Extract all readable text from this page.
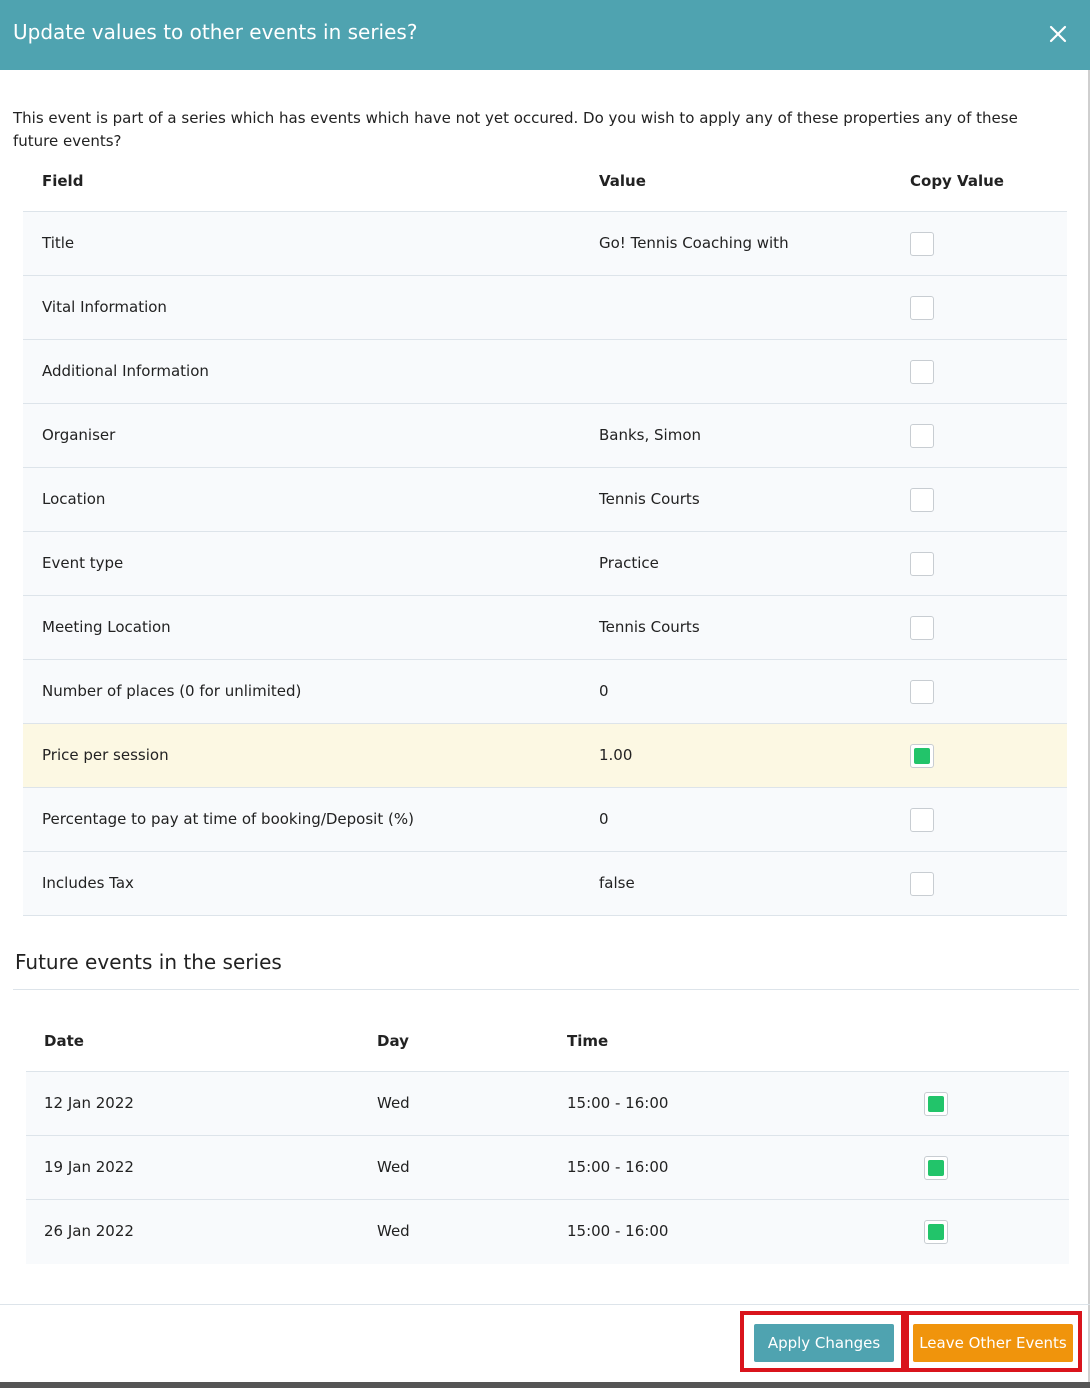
Update values to other events in series?
This event is part of a series which has events which have not yet occured. Do you wish to apply any of these properties any of these future events?
Field	Value	Copy Value
Title	Go! Tennis Coaching with
Vital Information
Additional Information
Organiser	Banks, Simon
Location	Tennis Courts
Event type	Practice
Meeting Location	Tennis Courts
Number of places (0 for unlimited)	0
Price per session	1.00
Percentage to pay at time of booking/Deposit (%)	0
Includes Tax	false
Future events in the series
Date	Day	Time
12 Jan 2022	Wed	15:00 - 16:00
19 Jan 2022	Wed	15:00 - 16:00
26 Jan 2022	Wed	15:00 - 16:00
Apply Changes	Leave Other Events
